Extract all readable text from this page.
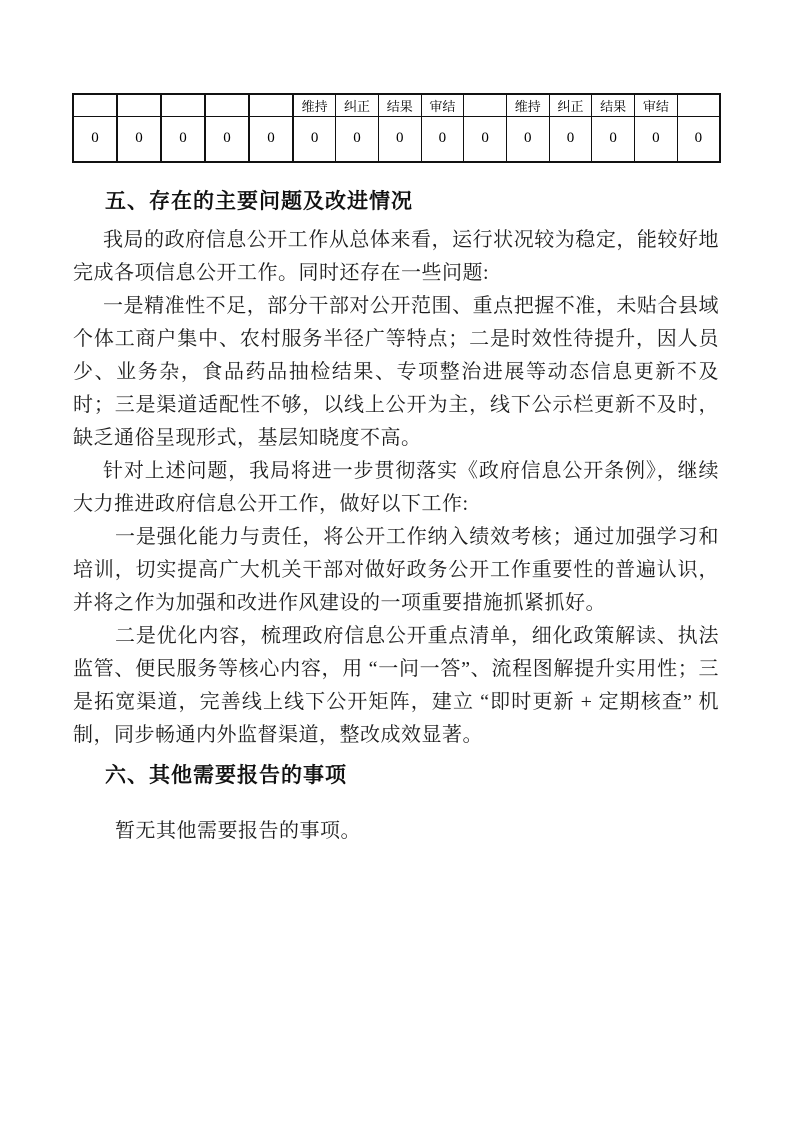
					维持	纠正	结果	审结		维持	纠正	结果	审结	
0	0	0	0	0	0	0	0	0	0	0	0	0	0	0
五、存在的主要问题及改进情况

我局的政府信息公开工作从总体来看，运行状况较为稳定，能较好地完成各项信息公开工作。同时还存在一些问题:

一是精准性不足，部分干部对公开范围、重点把握不准，未贴合县域个体工商户集中、农村服务半径广等特点；二是时效性待提升，因人员少、业务杂，食品药品抽检结果、专项整治进展等动态信息更新不及时；三是渠道适配性不够，以线上公开为主，线下公示栏更新不及时，缺乏通俗呈现形式，基层知晓度不高。

针对上述问题，我局将进一步贯彻落实《政府信息公开条例》，继续大力推进政府信息公开工作，做好以下工作:

一是强化能力与责任，将公开工作纳入绩效考核；通过加强学习和培训，切实提高广大机关干部对做好政务公开工作重要性的普遍认识，并将之作为加强和改进作风建设的一项重要措施抓紧抓好。

二是优化内容，梳理政府信息公开重点清单，细化政策解读、执法监管、便民服务等核心内容，用 “一问一答”、流程图解提升实用性；三是拓宽渠道，完善线上线下公开矩阵，建立 “即时更新 + 定期核查” 机制，同步畅通内外监督渠道，整改成效显著。

六、其他需要报告的事项

暂无其他需要报告的事项。
